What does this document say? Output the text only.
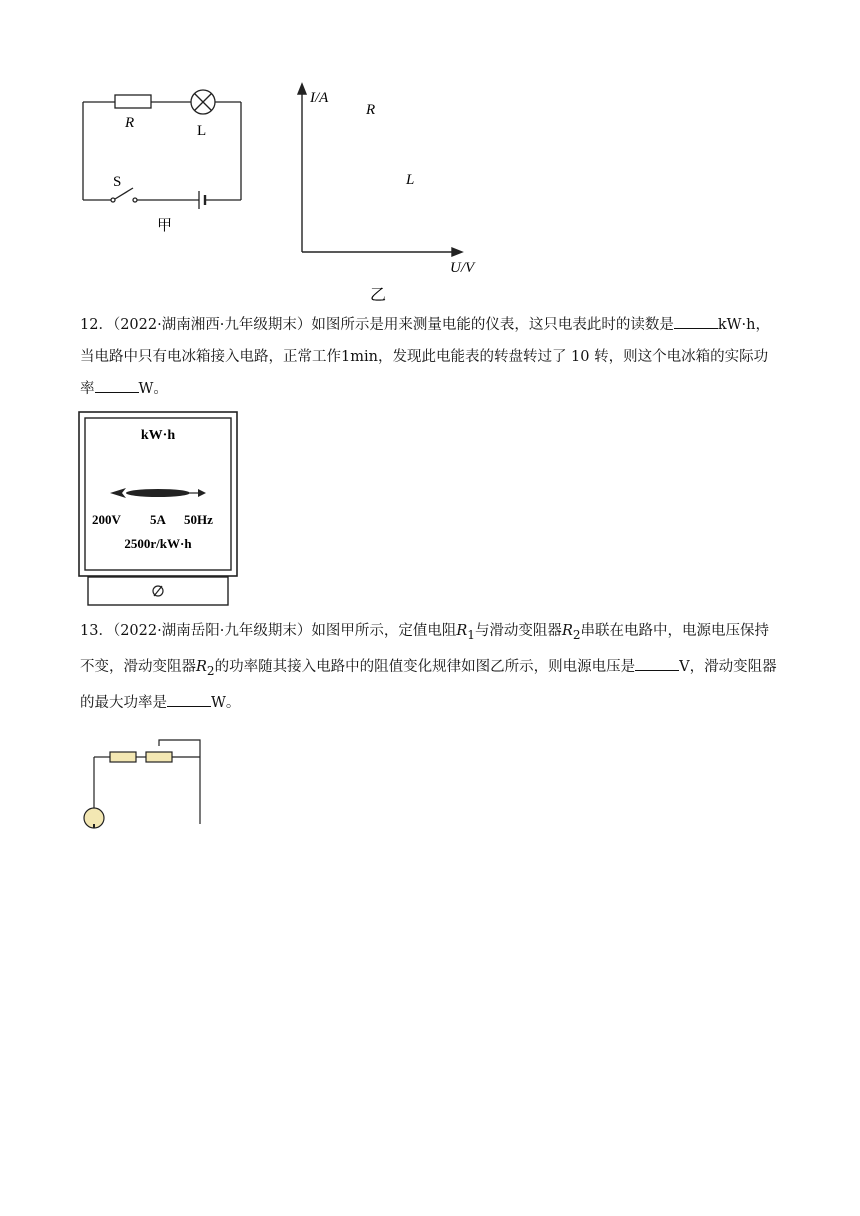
R	L
S
甲
I/A
U/V
R
L
乙

12．（2022·湖南湘西·九年级期末）如图所示是用来测量电能的仪表，这只电表此时的读数是	kW·h，当电路中只有电冰箱接入电路，正常工作1min，发现此电能表的转盘转过了 10 转，则这个电冰箱的实际功率	W。

kW·h
200V 5A 50Hz
2500r/kW·h

13．（2022·湖南岳阳·九年级期末）如图甲所示，定值电阻$R_1$与滑动变阻器$R_2$串联在电路中，电源电压保持不变，滑动变阻器$R_2$的功率随其接入电路中的阻值变化规律如图乙所示，则电源电压是	V，滑动变阻器的最大功率是	W。
